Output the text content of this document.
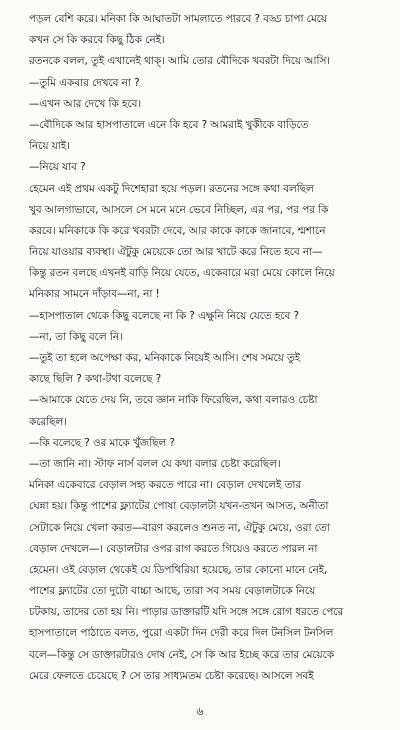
পড়ল বেশি করে। মনিকা কি আঘাতটা সামলাতে পারবে ? বড্ড চাপা মেয়ে
কখন সে কি করবে কিছু ঠিক নেই।
রতনকে বলল, তুই এখানেই থাক্। আমি তোর বৌদিকে খবরটা দিয়ে আসি।
—তুমি একবার দেখবে না ?
—এখন আর দেখে কি হবে।
—বৌদিকে আর হাসপাতালে এনে কি হবে ? আমরাই খুকীকে বাড়িতে
নিয়ে যাই।
—নিয়ে যাব ?
হেমেন এই প্রথম একটু দিশেহারা হয়ে পড়ল। রতনের সঙ্গে কথা বলছিল
খুব আলগাভাবে, আসলে সে মনে মনে ভেবে নিচ্ছিল, এর পর, পর পর কি
করবে। মনিকাকে কি করে খবরটা দেবে, আর কাকে কাকে জানাবে, শ্মশানে
নিয়ে যাওয়ার ব্যবস্থা। ঐটুকু মেয়েকে তো আর খাটে করে নিতে হবে না—
কিন্তু রতন বলছে এখনই বাড়ি নিয়ে যেতে, একেবারে মরা মেয়ে কোলে নিয়ে
মনিকার সামনে দাঁড়াব—না, না !
—হাসপাতাল থেকে কিছু বলেছে না কি ? এক্ষুনি নিয়ে যেতে হবে ?
—না, তা কিছু বলে নি।
—তুই তা হলে অপেক্ষা কর, মনিকাকে নিয়েই আসি। শেষ সময়ে তুই
কাছে ছিলি ? কথা-টথা বলেছে ?
—আমাকে যেতে দেয় নি, তবে জ্ঞান নাকি ফিরেছিল, কথা বলারও চেষ্টা
করেছিল।
—কি বলেছে ? ওর মাকে খুঁজছিল ?
—তা জানি না। স্টাফ নার্স বলল যে কথা বলার চেষ্টা করেছিল।
মনিকা একেবারে বেড়াল সহ্য করতে পারে না। বেড়াল দেখলেই তার
ঘেন্না হয়। কিন্তু পাশের ফ্ল্যাটের পোষা বেড়ালটা যখন-তখন আসত, অনীতা
সেটাকে নিয়ে খেলা করত—বারণ করলেও শুনত না, ঐটুকু মেয়ে, ওরা তো
বেড়াল দেখলে—। বেড়ালটার ওপর রাগ করতে গিয়েও করতে পারল না
হেমেন। ওই বেড়াল থেকেই যে ডিপথিরিয়া হয়েছে, তার কোনো মানে নেই,
পাশের ফ্ল্যাটের তো দুটো বাচ্চা আছে, তারা সব সময় বেড়ালটাকে নিয়ে
চটকায়, তাদের তো হয় নি। পাড়ার ডাক্তারটি যদি সঙ্গে সঙ্গে রোগ ধরতে পেরে
হাসপাতালে পাঠাতে বলত, পুরো একটা দিন দেরী করে দিল টনসিল টনসিল
বলে—কিন্তু সে ডাক্তারটারও দোষ নেই, সে কি আর ইচ্ছে করে তার মেয়েকে
মেরে ফেলতে চেয়েছে ? সে তার সাধ্যমতম চেষ্টা করেছে। আসলে সবই
৬
